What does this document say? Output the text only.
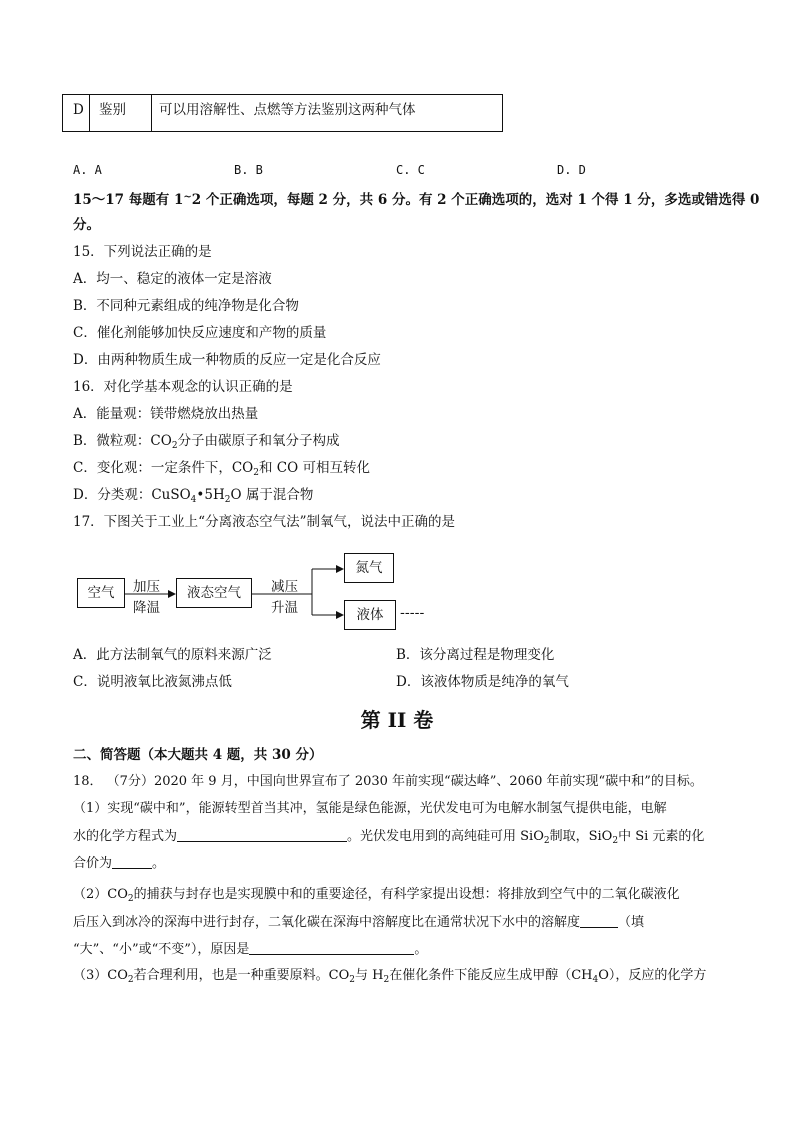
D 鉴别 可以用溶解性、点燃等方法鉴别这两种气体
A. A	B. B	C. C	D. D
15～17 每题有 1~2 个正确选项，每题 2 分，共 6 分。有 2 个正确选项的，选对 1 个得 1 分，多选或错选得 0
分。
15．下列说法正确的是
A．均一、稳定的液体一定是溶液
B．不同种元素组成的纯净物是化合物
C．催化剂能够加快反应速度和产物的质量
D．由两种物质生成一种物质的反应一定是化合反应
16．对化学基本观念的认识正确的是
A．能量观：镁带燃烧放出热量
B．微粒观：$CO_2$分子由碳原子和氧分子构成
C．变化观：一定条件下，$CO_2$和 CO 可相互转化
D．分类观：$CuSO_4•5H_2O$ 属于混合物
17．下图关于工业上“分离液态空气法”制氧气，说法中正确的是
空气	加压
降温
液态空气	减压
升温
氮气
液体	-----
A．此方法制氧气的原料来源广泛	B．该分离过程是物理变化
C．说明液氧比液氮沸点低	D．该液体物质是纯净的氧气
第 II 卷
二、简答题（本大题共 4 题，共 30 分）
18． （7分）2020 年 9 月，中国向世界宣布了 2030 年前实现“碳达峰”、2060 年前实现“碳中和”的目标。
（1）实现“碳中和”，能源转型首当其冲，氢能是绿色能源，光伏发电可为电解水制氢气提供电能，电解
水的化学方程式为	。光伏发电用到的高纯硅可用 SiO$_2$制取，SiO$_2$中 Si 元素的化
合价为	。
$(2)CO_2$的捕获与封存也是实现膜中和的重要途径，有科学家提出设想：将排放到空气中的二氧化碳液化
后压入到冰冷的深海中进行封存，二氧化碳在深海中溶解度比在通常状况下水中的溶解度	（填
“大”、“小”或“不变”），原因是	。
$(3)CO_2$若合理利用，也是一种重要原料。$CO_2$与 $H_2$在催化条件下能反应生成甲醇$(CH_4O)$，反应的化学方
